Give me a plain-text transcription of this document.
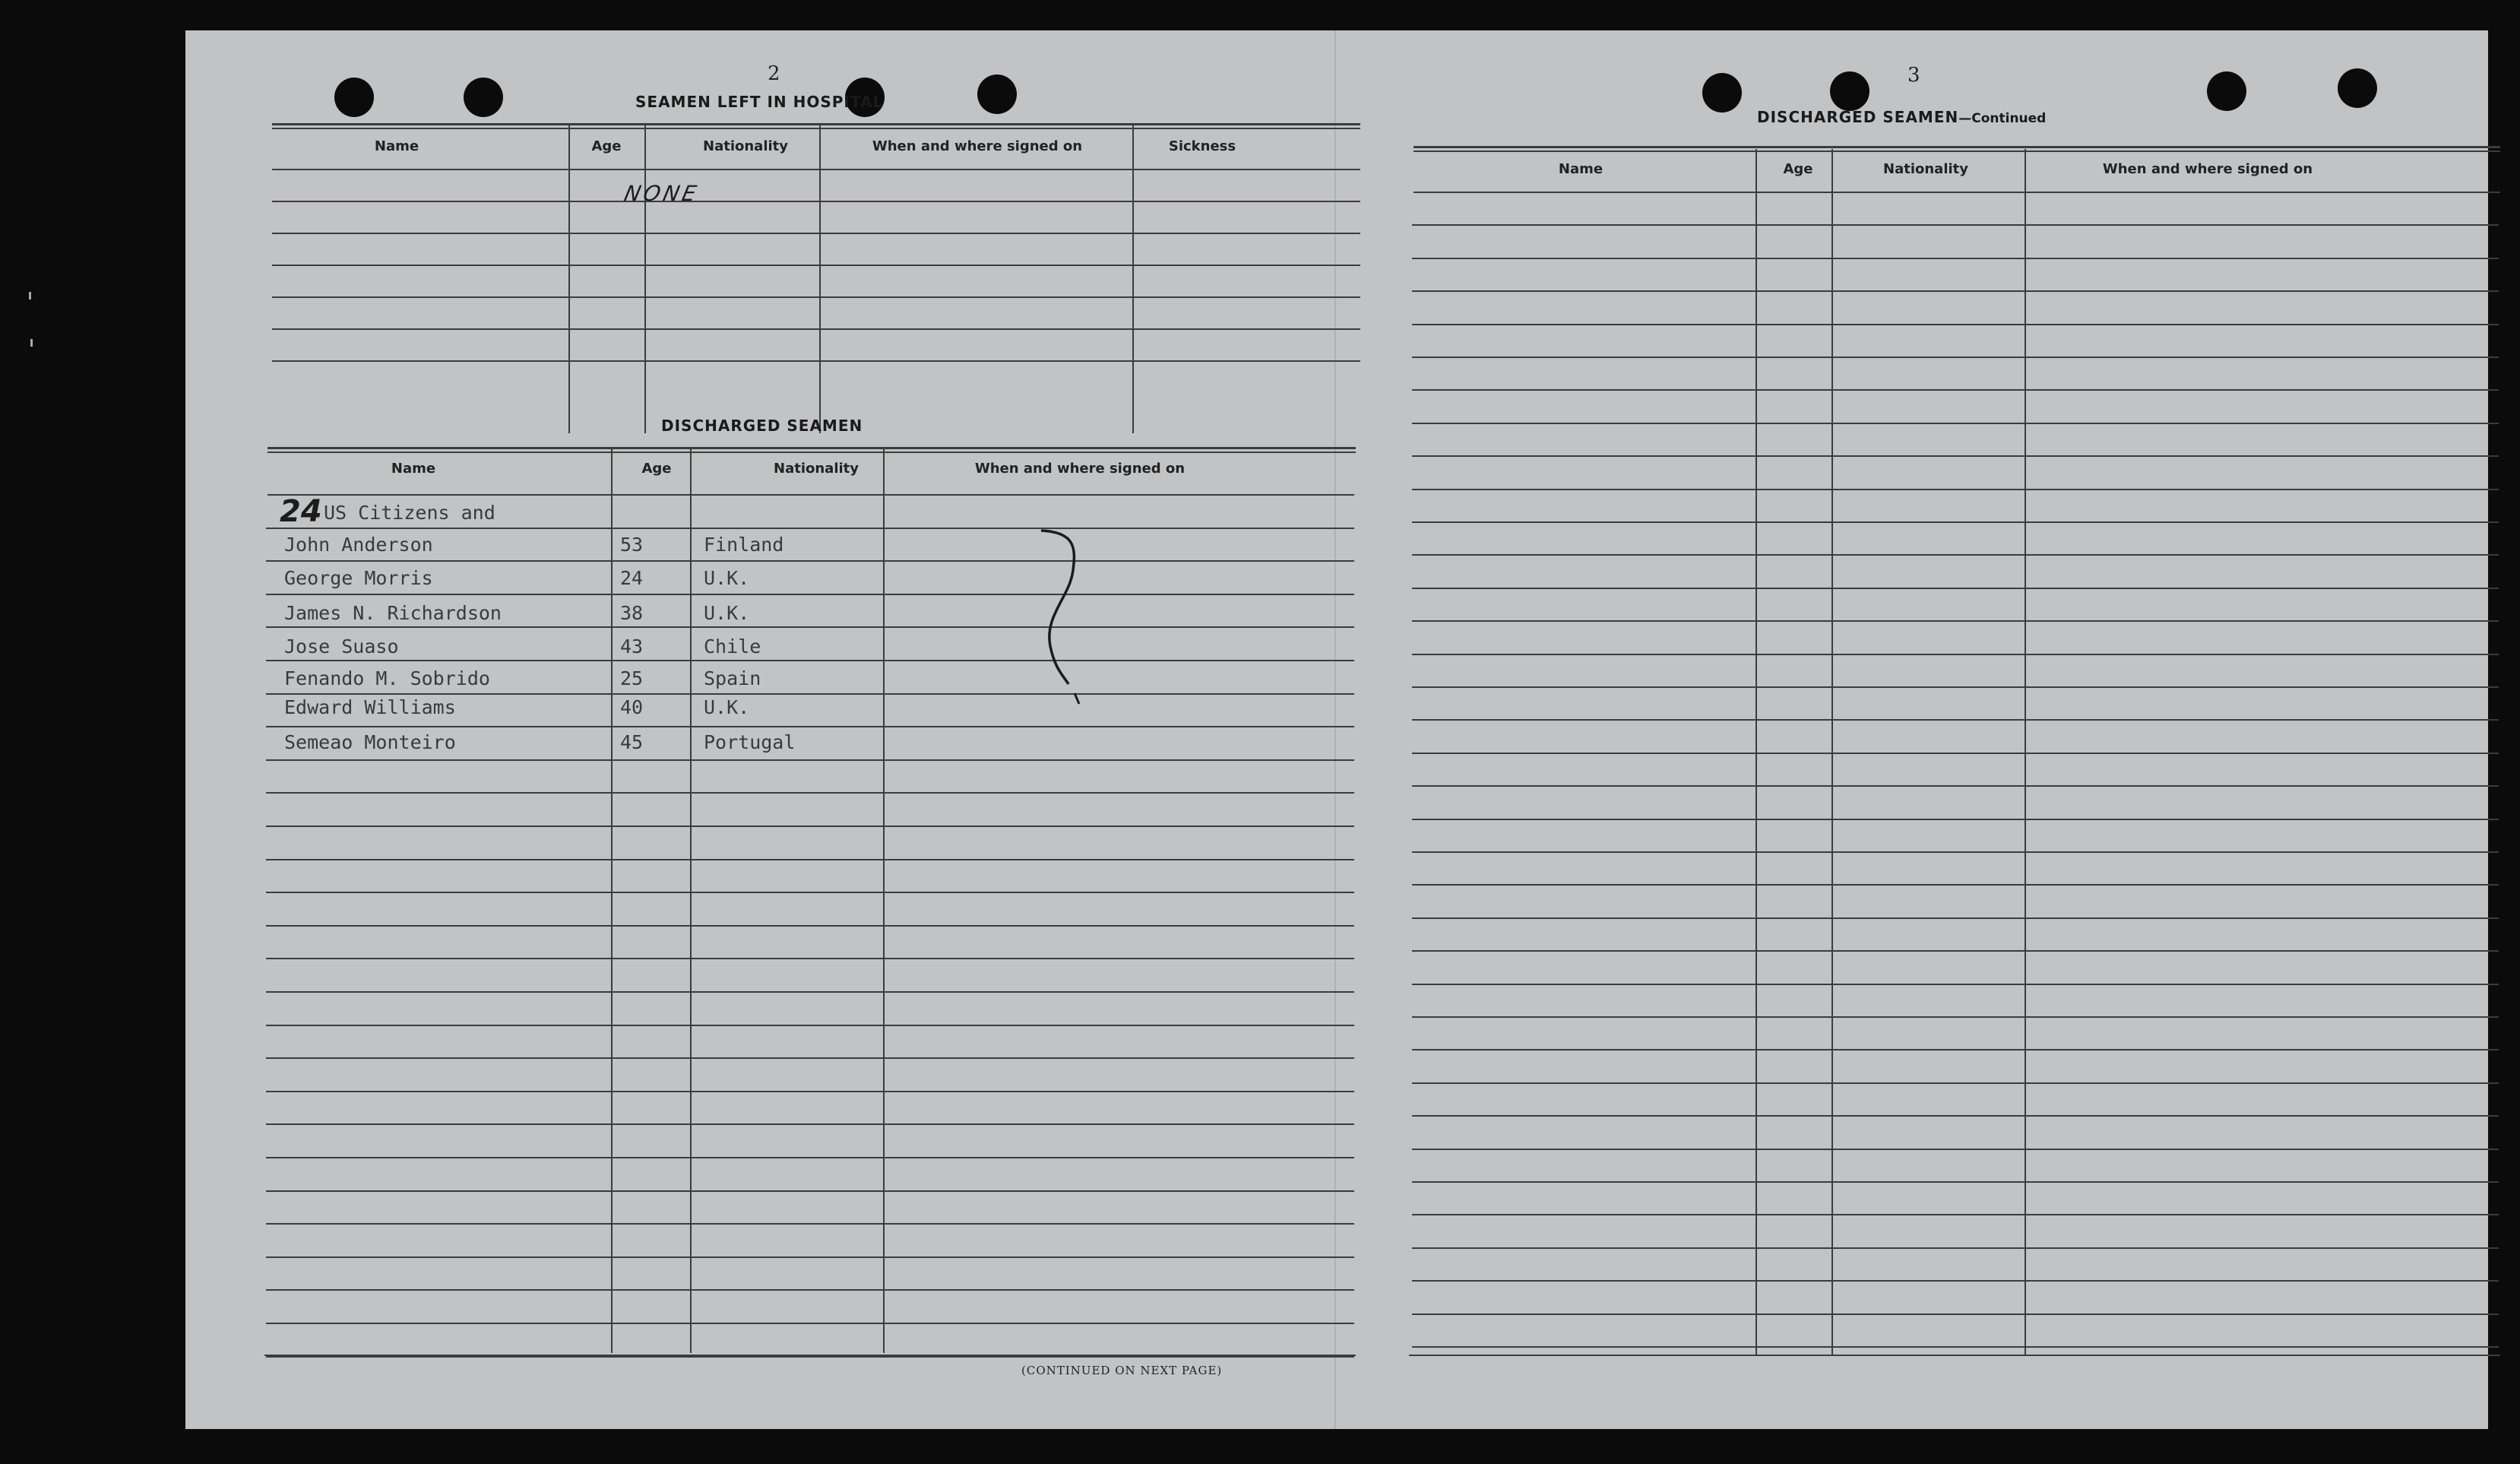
2
SEAMEN LEFT IN HOSPITAL
Name	Age	Nationality	When and where signed on	Sickness
NONE
DISCHARGED SEAMEN
Name	Age	Nationality	When and where signed on
24 US Citizens and
John Anderson	53	Finland
George Morris	24	U.K.
James N. Richardson	38	U.K.
Jose Suaso	43	Chile
Fenando M. Sobrido	25	Spain
Edward Williams	40	U.K.
Semeao Monteiro	45	Portugal
(CONTINUED ON NEXT PAGE)
3
DISCHARGED SEAMEN—Continued
Name	Age	Nationality	When and where signed on
